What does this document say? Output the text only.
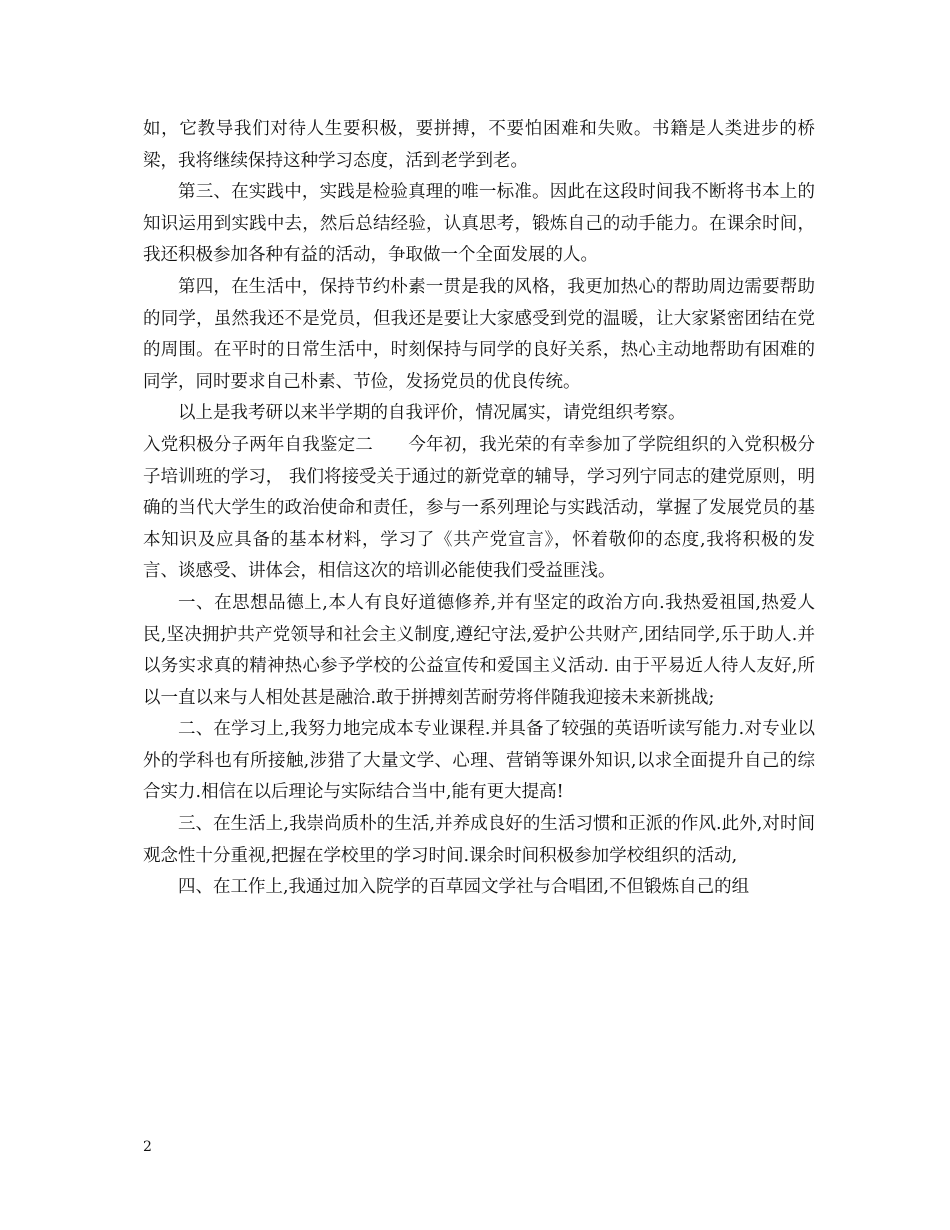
如，它教导我们对待人生要积极，要拼搏，不要怕困难和失败。书籍是人类进步的桥梁，我将继续保持这种学习态度，活到老学到老。

第三、在实践中，实践是检验真理的唯一标准。因此在这段时间我不断将书本上的知识运用到实践中去，然后总结经验，认真思考，锻炼自己的动手能力。在课余时间，我还积极参加各种有益的活动，争取做一个全面发展的人。

第四，在生活中，保持节约朴素一贯是我的风格，我更加热心的帮助周边需要帮助的同学，虽然我还不是党员，但我还是要让大家感受到党的温暖，让大家紧密团结在党的周围。在平时的日常生活中，时刻保持与同学的良好关系，热心主动地帮助有困难的同学，同时要求自己朴素、节俭，发扬党员的优良传统。

以上是我考研以来半学期的自我评价，情况属实，请党组织考察。

入党积极分子两年自我鉴定二　　今年初，我光荣的有幸参加了学院组织的入党积极分子培训班的学习， 我们将接受关于通过的新党章的辅导，学习列宁同志的建党原则，明确的当代大学生的政治使命和责任，参与一系列理论与实践活动，掌握了发展党员的基本知识及应具备的基本材料，学习了《共产党宣言》，怀着敬仰的态度,我将积极的发言、谈感受、讲体会，相信这次的培训必能使我们受益匪浅。

一、在思想品德上,本人有良好道德修养,并有坚定的政治方向.我热爱祖国,热爱人民,坚决拥护共产党领导和社会主义制度,遵纪守法,爱护公共财产,团结同学,乐于助人.并以务实求真的精神热心参予学校的公益宣传和爱国主义活动. 由于平易近人待人友好,所以一直以来与人相处甚是融洽.敢于拼搏刻苦耐劳将伴随我迎接未来新挑战;

二、在学习上,我努力地完成本专业课程.并具备了较强的英语听读写能力.对专业以外的学科也有所接触,涉猎了大量文学、心理、营销等课外知识,以求全面提升自己的综合实力.相信在以后理论与实际结合当中,能有更大提高!

三、在生活上,我崇尚质朴的生活,并养成良好的生活习惯和正派的作风.此外,对时间观念性十分重视,把握在学校里的学习时间.课余时间积极参加学校组织的活动,

四、在工作上,我通过加入院学的百草园文学社与合唱团,不但锻炼自己的组

2
